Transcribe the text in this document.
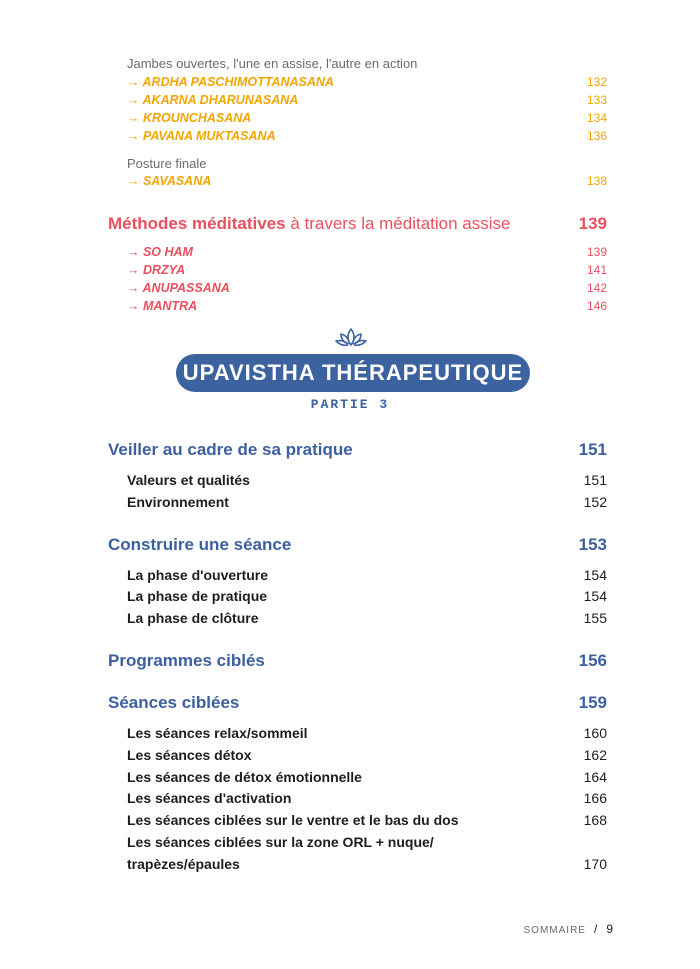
Jambes ouvertes, l'une en assise, l'autre en action
→ ARDHA PASCHIMOTTANASANA	132
→ AKARNA DHARUNASANA	133
→ KROUNCHASANA	134
→ PAVANA MUKTASANA	136
Posture finale
→ SAVASANA	138
Méthodes méditatives à travers la méditation assise	139
→ SO HAM	139
→ DRZYA	141
→ ANUPASSANA	142
→ MANTRA	146
UPAVISTHA THÉRAPEUTIQUE
PARTIE 3
Veiller au cadre de sa pratique	151
Valeurs et qualités	151
Environnement	152
Construire une séance	153
La phase d'ouverture	154
La phase de pratique	154
La phase de clôture	155
Programmes ciblés	156
Séances ciblées	159
Les séances relax/sommeil	160
Les séances détox	162
Les séances de détox émotionnelle	164
Les séances d'activation	166
Les séances ciblées sur le ventre et le bas du dos	168
Les séances ciblées sur la zone ORL + nuque/
trapèzes/épaules	170
SOMMAIRE / 9
